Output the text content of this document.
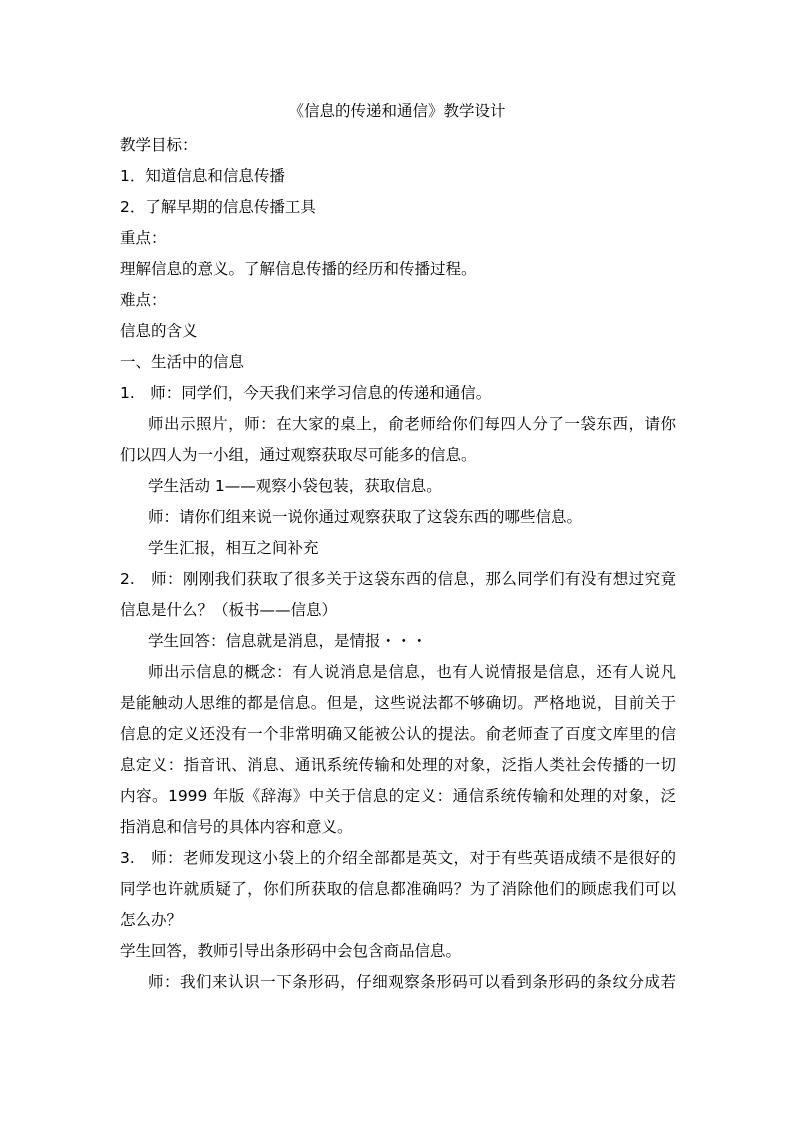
《信息的传递和通信》教学设计
教学目标：
1．知道信息和信息传播
2．了解早期的信息传播工具
重点：
理解信息的意义。了解信息传播的经历和传播过程。
难点：
信息的含义
一、生活中的信息
1.　师：同学们，今天我们来学习信息的传递和通信。
师出示照片，师：在大家的桌上，俞老师给你们每四人分了一袋东西，请你
们以四人为一小组，通过观察获取尽可能多的信息。
学生活动 1——观察小袋包装，获取信息。
师：请你们组来说一说你通过观察获取了这袋东西的哪些信息。
学生汇报，相互之间补充
2.　师：刚刚我们获取了很多关于这袋东西的信息，那么同学们有没有想过究竟
信息是什么？（板书——信息）
学生回答：信息就是消息，是情报・・・
师出示信息的概念：有人说消息是信息，也有人说情报是信息，还有人说凡
是能触动人思维的都是信息。但是，这些说法都不够确切。严格地说，目前关于
信息的定义还没有一个非常明确又能被公认的提法。俞老师查了百度文库里的信
息定义：指音讯、消息、通讯系统传输和处理的对象，泛指人类社会传播的一切
内容。1999 年版《辞海》中关于信息的定义：通信系统传输和处理的对象，泛
指消息和信号的具体内容和意义。
3.　师：老师发现这小袋上的介绍全部都是英文，对于有些英语成绩不是很好的
同学也许就质疑了，你们所获取的信息都准确吗？为了消除他们的顾虑我们可以
怎么办？
学生回答，教师引导出条形码中会包含商品信息。
师：我们来认识一下条形码，仔细观察条形码可以看到条形码的条纹分成若
